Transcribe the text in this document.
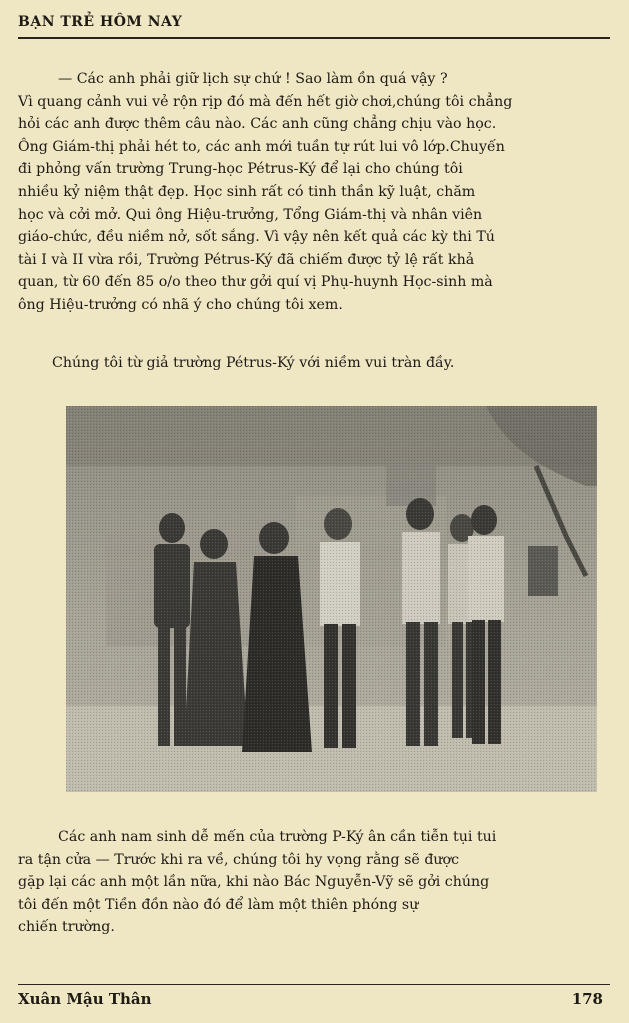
BẠN TRẺ HÔM NAY
— Các anh phải giữ lịch sự chứ ! Sao làm ồn quá vậy ?
Vì quang cảnh vui vẻ rộn rịp đó mà đến hết giờ chơi,chúng tôi chẳng
hỏi các anh được thêm câu nào. Các anh cũng chẳng chịu vào học.
Ông Giám-thị phải hét to, các anh mới tuần tự rút lui vô lớp.Chuyến
đi phỏng vấn trường Trung-học Pétrus-Ký để lại cho chúng tôi
nhiều kỷ niệm thật đẹp. Học sinh rất có tinh thần kỹ luật, chăm
học và cởi mở. Qui ông Hiệu-trưởng, Tổng Giám-thị và nhân viên
giáo-chức, đều niềm nở, sốt sắng. Vì vậy nên kết quả các kỳ thi Tú
tài I và II vừa rồi, Trường Pétrus-Ký đã chiếm được tỷ lệ rất khả
quan, từ 60 đến 85 o/o theo thư gởi quí vị Phụ-huynh Học-sinh mà
ông Hiệu-trưởng có nhã ý cho chúng tôi xem.
Chúng tôi từ giả trường Pétrus-Ký với niềm vui tràn đầy.
Các anh nam sinh dễ mến của trường P-Ký ân cần tiễn tụi tui
ra tận cửa — Trước khi ra về, chúng tôi hy vọng rằng sẽ được
gặp lại các anh một lần nữa, khi nào Bác Nguyễn-Vỹ sẽ gởi chúng
tôi đến một Tiền đồn nào đó để làm một thiên phóng sự
chiến trường.
Xuân Mậu Thân	178
